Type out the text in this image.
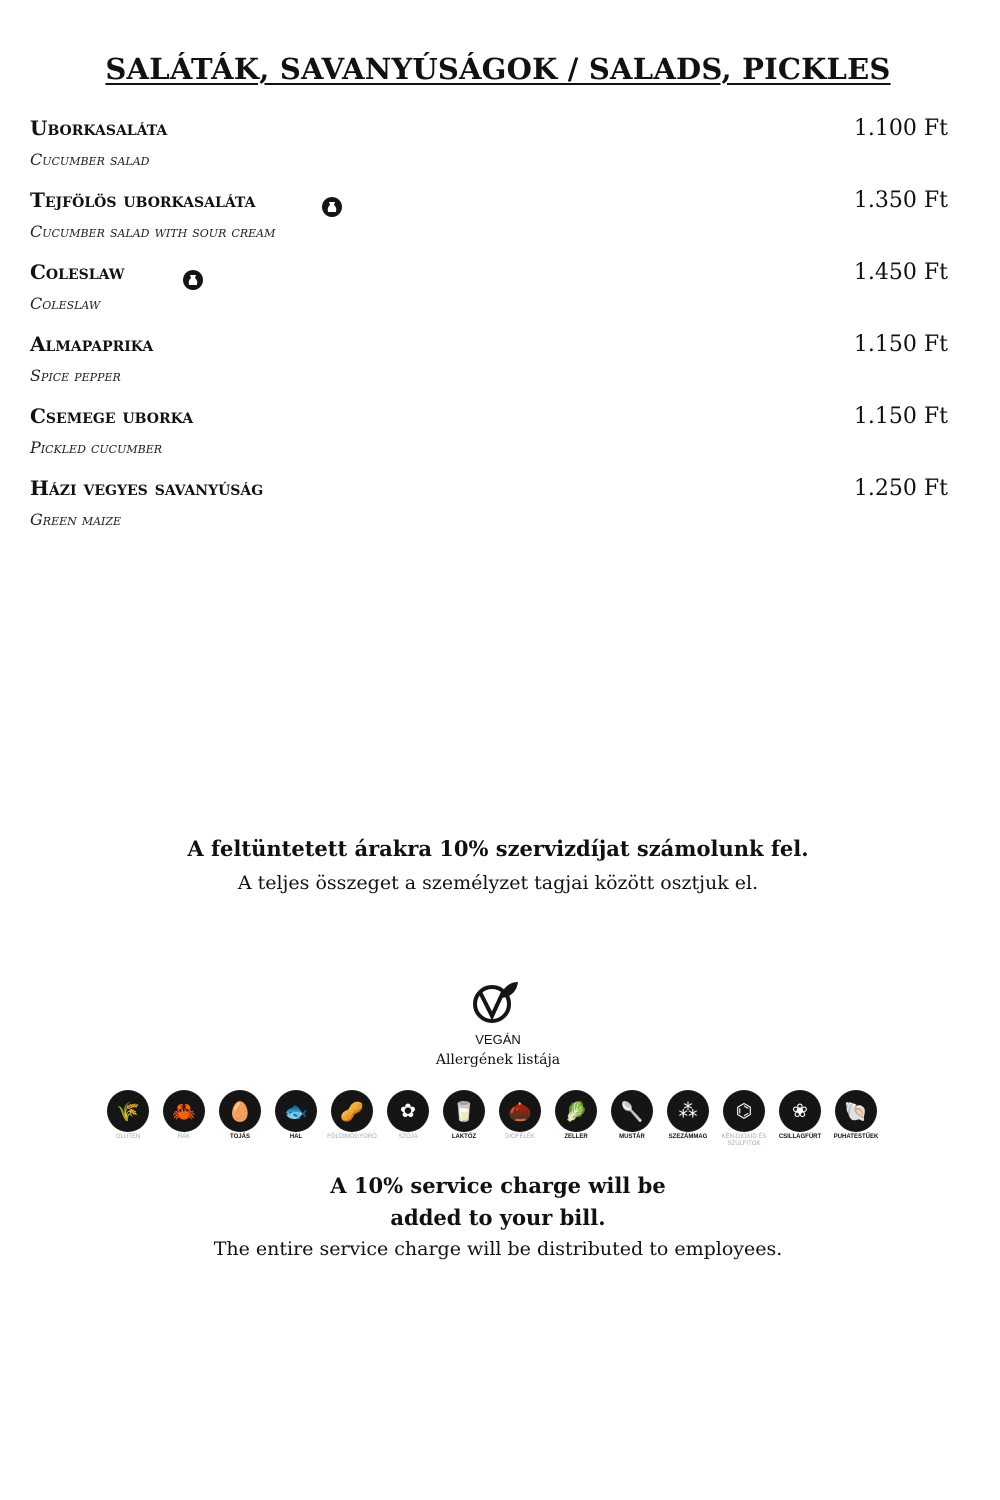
SALÁTÁK, SAVANYÚSÁGOK / SALADS, PICKLES
Uborkasaláta
Cucumber salad
1.100 Ft
Tejfölös uborkasaláta
Cucumber salad with sour cream
1.350 Ft
Coleslaw
Coleslaw
1.450 Ft
Almapaprika
Spice pepper
1.150 Ft
Csemege uborka
Pickled cucumber
1.150 Ft
Házi vegyes savanyúság
Green maize
1.250 Ft
A feltüntetett árakra 10% szervizdíjat számolunk fel.
A teljes összeget a személyzet tagjai között osztjuk el.
VEGÁN
Allergének listája
🌾
GLUTÉN
🦀
RÁK
🥚
TOJÁS
🐟
HAL
🥜
FÖLDIMOGYORÓ
✿
SZÓJA
🥛
LAKTÓZ
🌰
DIÓFÉLÉK
🥬
ZELLER
🥄
MUSTÁR
⁂
SZEZÁMMAG
⌬
KÉN-DIOXID ÉS SZULFITOK
❀
CSILLAGFÜRT
🐚
PUHATESTŰEK
A 10% service charge will be
added to your bill.
The entire service charge will be distributed to employees.
